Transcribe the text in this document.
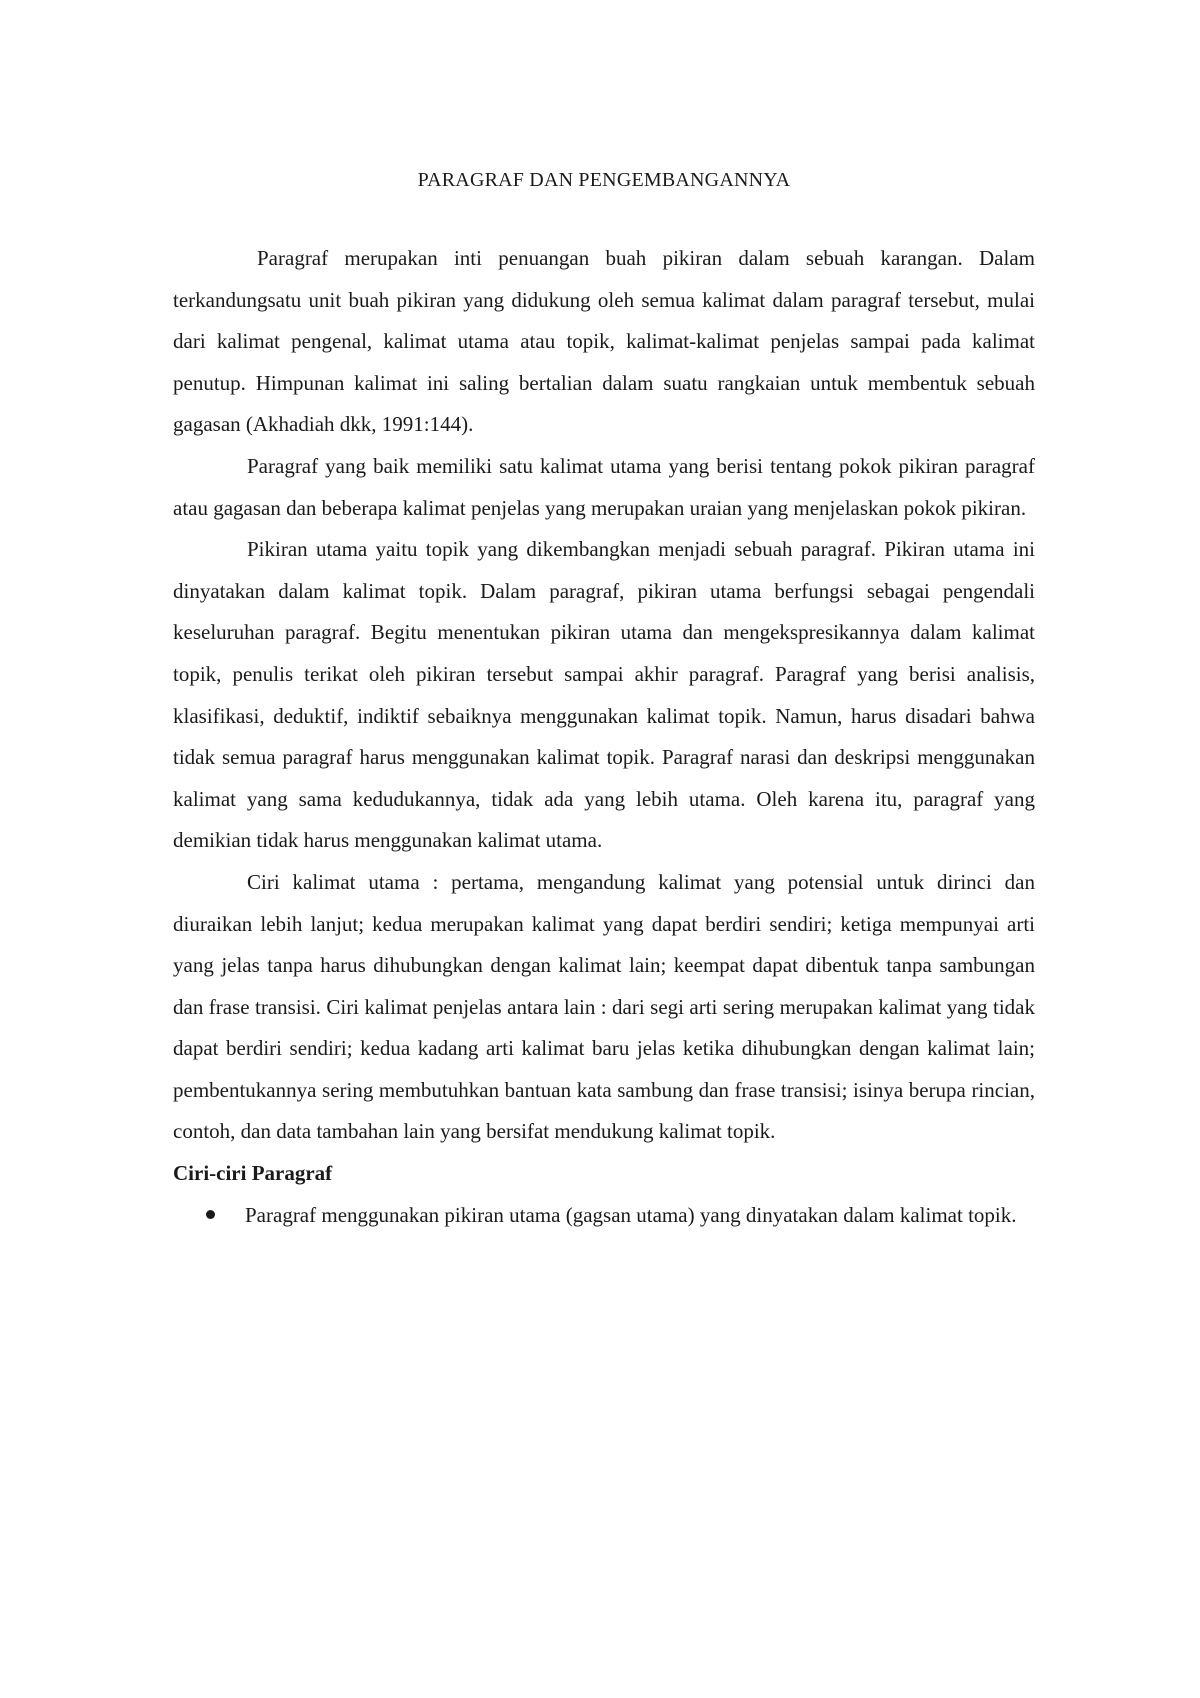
PARAGRAF DAN PENGEMBANGANNYA

Paragraf merupakan inti penuangan buah pikiran dalam sebuah karangan. Dalam terkandungsatu unit buah pikiran yang didukung oleh semua kalimat dalam paragraf tersebut, mulai dari kalimat pengenal, kalimat utama atau topik, kalimat-kalimat penjelas sampai pada kalimat penutup. Himpunan kalimat ini saling bertalian dalam suatu rangkaian untuk membentuk sebuah gagasan (Akhadiah dkk, 1991:144).

Paragraf yang baik memiliki satu kalimat utama yang berisi tentang pokok pikiran paragraf atau gagasan dan beberapa kalimat penjelas yang merupakan uraian yang menjelaskan pokok pikiran.

Pikiran utama yaitu topik yang dikembangkan menjadi sebuah paragraf. Pikiran utama ini dinyatakan dalam kalimat topik. Dalam paragraf, pikiran utama berfungsi sebagai pengendali keseluruhan paragraf. Begitu menentukan pikiran utama dan mengekspresikannya dalam kalimat topik, penulis terikat oleh pikiran tersebut sampai akhir paragraf. Paragraf yang berisi analisis, klasifikasi, deduktif, indiktif sebaiknya menggunakan kalimat topik. Namun, harus disadari bahwa tidak semua paragraf harus menggunakan kalimat topik. Paragraf narasi dan deskripsi menggunakan kalimat yang sama kedudukannya, tidak ada yang lebih utama. Oleh karena itu, paragraf yang demikian tidak harus menggunakan kalimat utama.

Ciri kalimat utama : pertama, mengandung kalimat yang potensial untuk dirinci dan diuraikan lebih lanjut; kedua merupakan kalimat yang dapat berdiri sendiri; ketiga mempunyai arti yang jelas tanpa harus dihubungkan dengan kalimat lain; keempat dapat dibentuk tanpa sambungan dan frase transisi. Ciri kalimat penjelas antara lain : dari segi arti sering merupakan kalimat yang tidak dapat berdiri sendiri; kedua kadang arti kalimat baru jelas ketika dihubungkan dengan kalimat lain; pembentukannya sering membutuhkan bantuan kata sambung dan frase transisi; isinya berupa rincian, contoh, dan data tambahan lain yang bersifat mendukung kalimat topik.

Ciri-ciri Paragraf
Paragraf menggunakan pikiran utama (gagsan utama) yang dinyatakan dalam kalimat topik.
